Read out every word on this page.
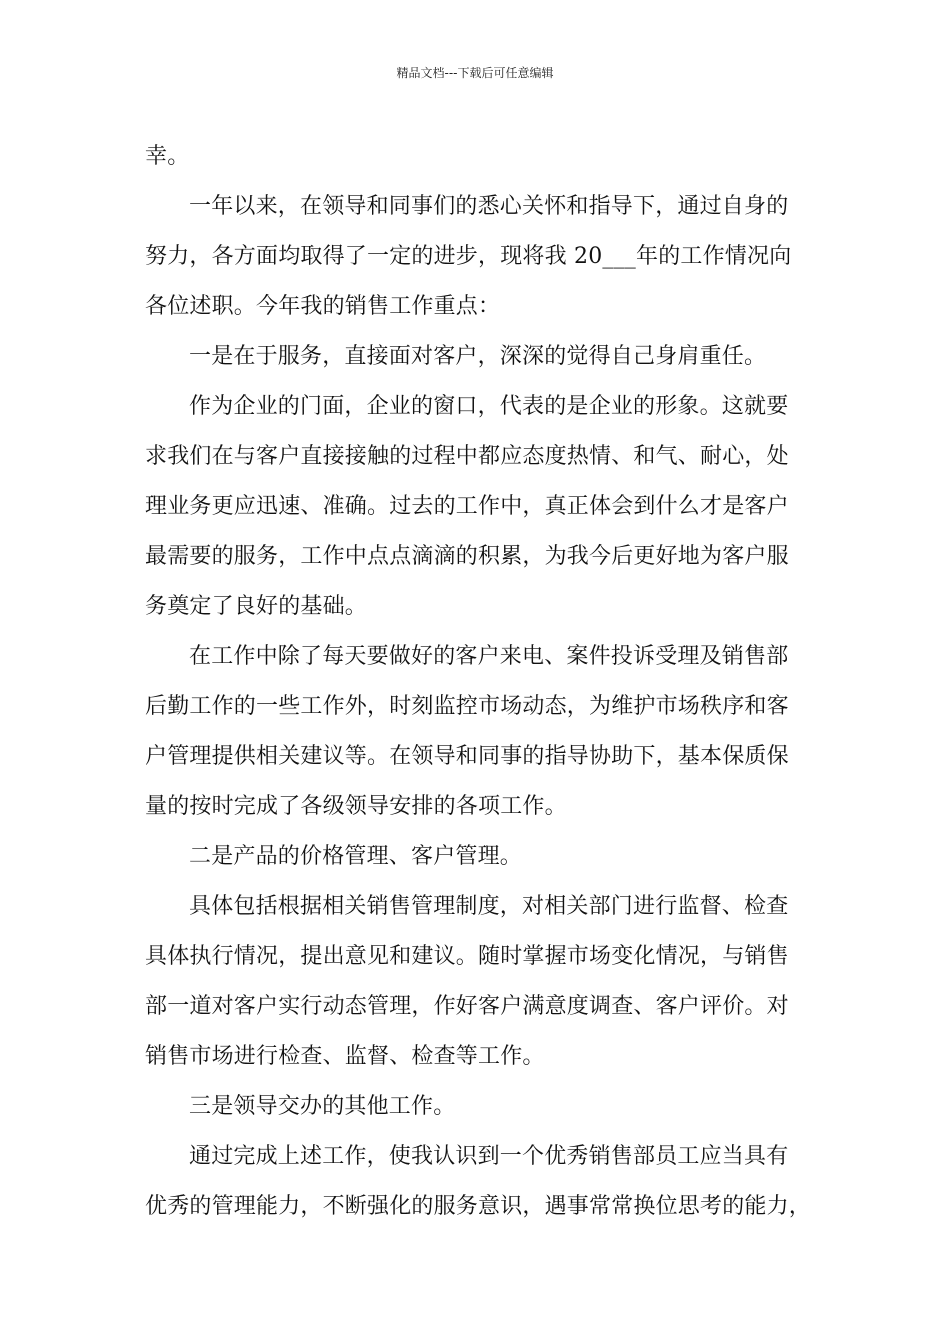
精品文档---下载后可任意编辑
幸。
一年以来，在领导和同事们的悉心关怀和指导下，通过自身的
努力，各方面均取得了一定的进步，现将我 20___年的工作情况向
各位述职。今年我的销售工作重点：
一是在于服务，直接面对客户，深深的觉得自己身肩重任。
作为企业的门面，企业的窗口，代表的是企业的形象。这就要
求我们在与客户直接接触的过程中都应态度热情、和气、耐心，处
理业务更应迅速、准确。过去的工作中，真正体会到什么才是客户
最需要的服务，工作中点点滴滴的积累，为我今后更好地为客户服
务奠定了良好的基础。
在工作中除了每天要做好的客户来电、案件投诉受理及销售部
后勤工作的一些工作外，时刻监控市场动态，为维护市场秩序和客
户管理提供相关建议等。在领导和同事的指导协助下，基本保质保
量的按时完成了各级领导安排的各项工作。
二是产品的价格管理、客户管理。
具体包括根据相关销售管理制度，对相关部门进行监督、检查
具体执行情况，提出意见和建议。随时掌握市场变化情况，与销售
部一道对客户实行动态管理，作好客户满意度调查、客户评价。对
销售市场进行检查、监督、检查等工作。
三是领导交办的其他工作。
通过完成上述工作，使我认识到一个优秀销售部员工应当具有
优秀的管理能力，不断强化的服务意识，遇事常常换位思考的能力，
